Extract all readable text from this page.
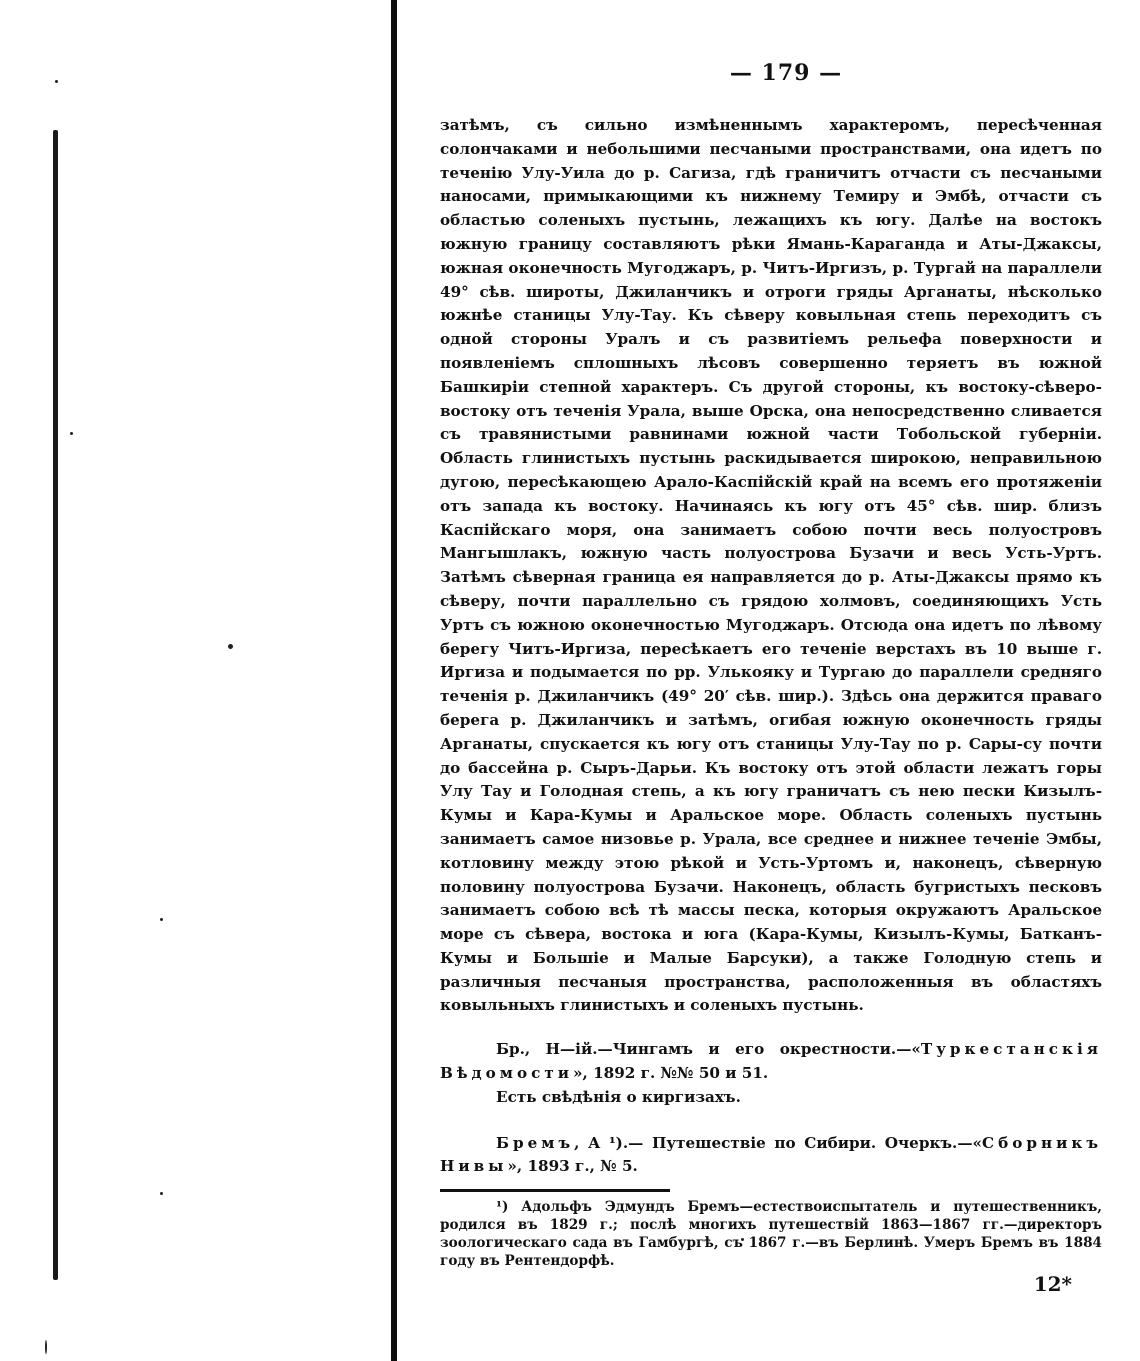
— 179 —

затѣмъ, съ сильно измѣненнымъ характеромъ, пересѣченная солончаками и небольшими песчаными пространствами, она идетъ по теченію Улу-Уила до р. Сагиза, гдѣ граничитъ отчасти съ песчаными наносами, примыкающими къ нижнему Темиру и Эмбѣ, отчасти съ областью соленыхъ пустынь, лежащихъ къ югу. Далѣе на востокъ южную границу составляютъ рѣки Ямань-Карагандa и Аты-Джаксы, южная оконечность Мугоджаръ, р. Читъ-Иргизъ, р. Тургай на параллели 49° сѣв. широты, Джиланчикъ и отроги гряды Арганаты, нѣсколько южнѣе станицы Улу-Тау. Къ сѣверу ковыльная степь переходитъ съ одной стороны Уралъ и съ развитіемъ рельефа поверхности и появленіемъ сплошныхъ лѣсовъ совершенно теряетъ въ южной Башкиріи степной характеръ. Съ другой стороны, къ востоку-сѣверо-востоку отъ теченія Урала, выше Орска, она непосредственно сливается съ травянистыми равнинами южной части Тобольской губерніи. Область глинистыхъ пустынь раскидывается широкою, неправильною дугою, пересѣкающею Арало-Каспійскій край на всемъ его протяженіи отъ запада къ востоку. Начинаясь къ югу отъ 45° сѣв. шир. близъ Каспійскаго моря, она занимаетъ собою почти весь полуостровъ Мангышлакъ, южную часть полуострова Бузачи и весь Усть-Уртъ. Затѣмъ сѣверная граница ея направляется до р. Аты-Джаксы прямо къ сѣверу, почти параллельно съ грядою холмовъ, соединяющихъ Усть Уртъ съ южною оконечностью Мугоджаръ. Отсюда она идетъ по лѣвому берегу Читъ-Иргиза, пересѣкаетъ его теченіе верстахъ въ 10 выше г. Иргиза и подымается по рр. Улькояку и Тургаю до параллели средняго теченія р. Джиланчикъ (49° 20′ сѣв. шир.). Здѣсь она держится праваго берега р. Джиланчикъ и затѣмъ, огибая южную оконечность гряды Арганаты, спускается къ югу отъ станицы Улу-Тау по р. Сары-су почти до бассейна р. Сыръ-Дарьи. Къ востоку отъ этой области лежатъ горы Улу Тау и Голодная степь, а къ югу граничатъ съ нею пески Кизылъ-Кумы и Кара-Кумы и Аральское море. Область соленыхъ пустынь занимаетъ самое низовье р. Урала, все среднее и нижнее теченіе Эмбы, котловину между этою рѣкой и Усть-Уртомъ и, наконецъ, сѣверную половину полуострова Бузачи. Наконецъ, область бугристыхъ песковъ занимаетъ собою всѣ тѣ массы песка, которыя окружаютъ Аральское море съ сѣвера, востока и юга (Кара-Кумы, Кизылъ-Кумы, Батканъ-Кумы и Большіе и Малые Барсуки), а также Голодную степь и различныя песчаныя пространства, расположенныя въ областяхъ ковыльныхъ глинистыхъ и соленыхъ пустынь.

Бр., Н—ій.—Чингамъ и его окрестности.—«Туркестанскія Вѣдомости», 1892 г. №№ 50 и 51.

Есть свѣдѣнія о киргизахъ.

Бремъ, А ¹).— Путешествіе по Сибири. Очеркъ.—«Сборникъ Нивы», 1893 г., № 5.

¹) Адольфъ Эдмундъ Бремъ—естествоиспытатель и путешественникъ, родился въ 1829 г.; послѣ многихъ путешествій 1863—1867 гг.—директоръ зоологическаго сада въ Гамбургѣ, съ 1867 г.—въ Берлинѣ. Умеръ Бремъ въ 1884 году въ Рентендорфѣ.

12*
